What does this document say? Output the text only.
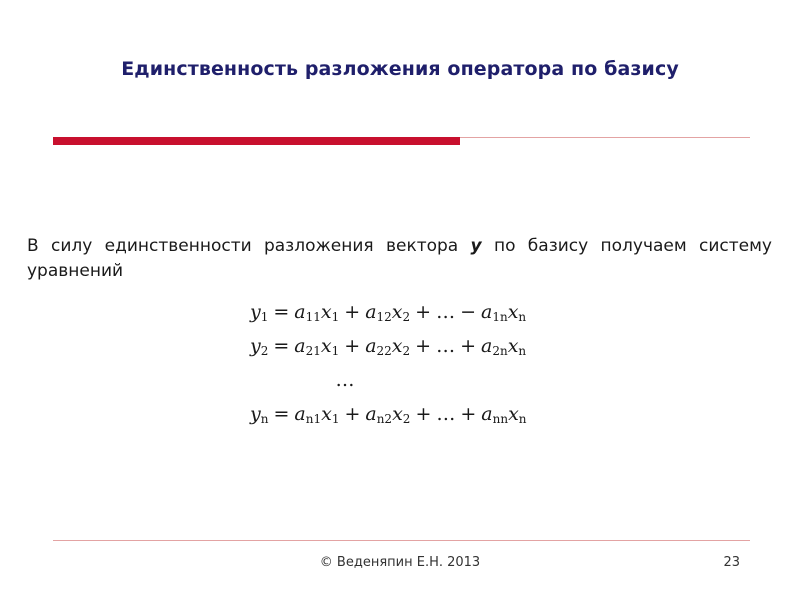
Единственность разложения оператора по базису
В силу единственности разложения вектора y по базису получаем систему уравнений
$y_1 = a_{11}x_1 + a_{12}x_2$ + … − $a_{1n}x_n$
$y_2 = a_{21}x_1 + a_{22}x_2$ + … + $a_{2n}x_n$
…
$y_n = a_{n1}x_1 + a_{n2}x_2$ + … + $a_{nn}x_n$
© Веденяпин Е.Н. 2013	23
